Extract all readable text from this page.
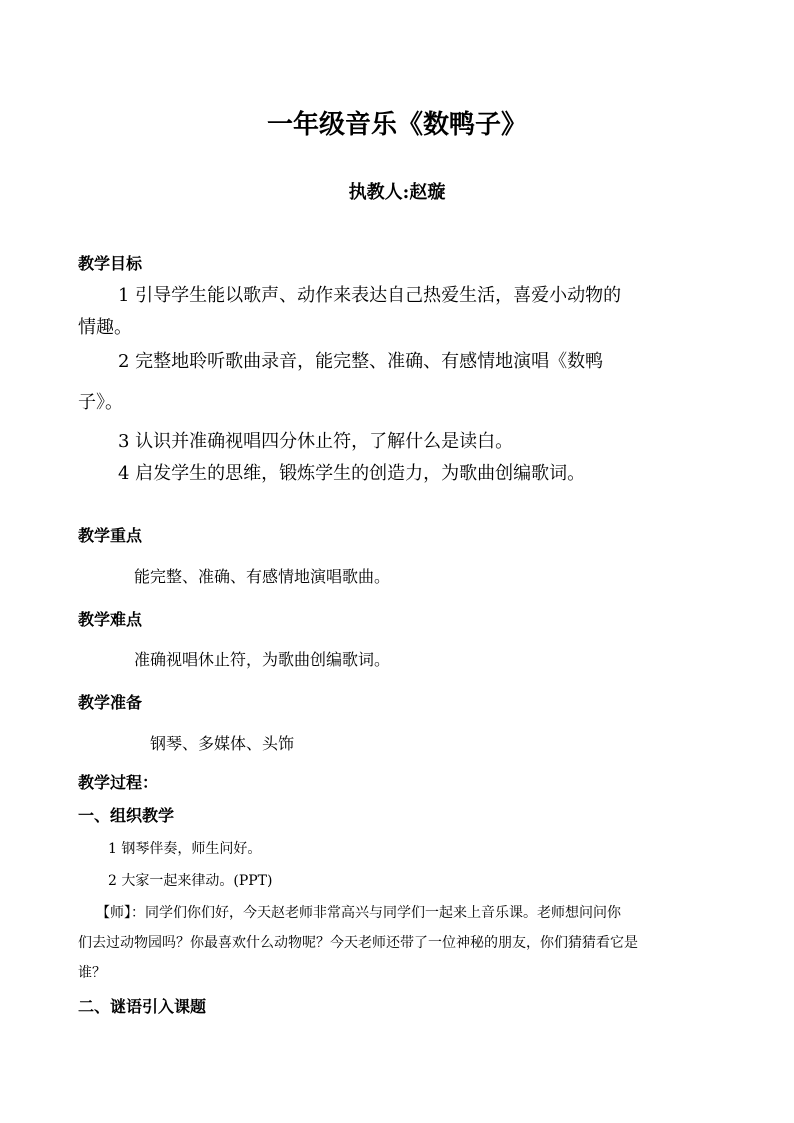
一年级音乐《数鸭子》
执教人:赵璇
教学目标
1 引导学生能以歌声、动作来表达自己热爱生活，喜爱小动物的
情趣。
2 完整地聆听歌曲录音，能完整、准确、有感情地演唱《数鸭
子》。
3 认识并准确视唱四分休止符，了解什么是读白。
4 启发学生的思维，锻炼学生的创造力，为歌曲创编歌词。
教学重点
能完整、准确、有感情地演唱歌曲。
教学难点
准确视唱休止符，为歌曲创编歌词。
教学准备
钢琴、多媒体、头饰
教学过程：
一、组织教学
1 钢琴伴奏，师生问好。
2 大家一起来律动。(PPT)
【师】：同学们你们好，今天赵老师非常高兴与同学们一起来上音乐课。老师想问问你
们去过动物园吗？你最喜欢什么动物呢？今天老师还带了一位神秘的朋友，你们猜猜看它是
谁？
二、谜语引入课题
